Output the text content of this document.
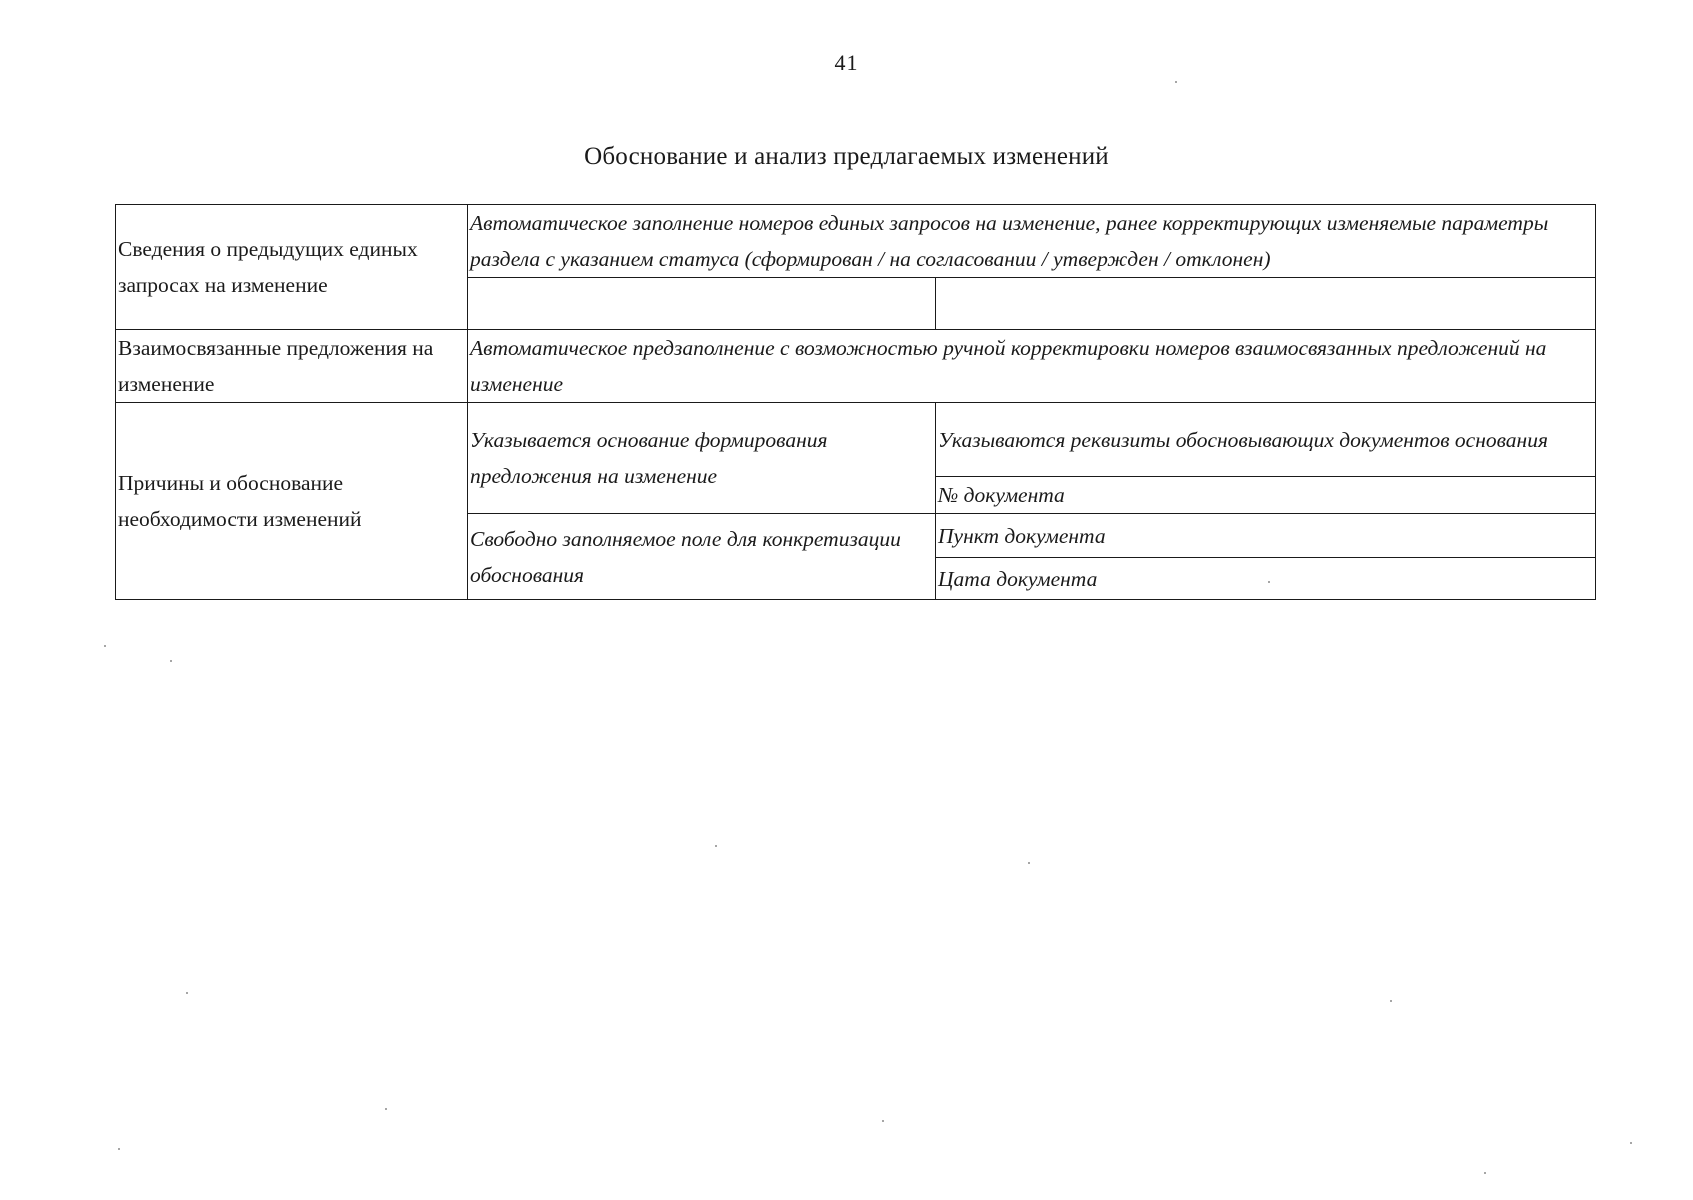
41
Обоснование и анализ предлагаемых изменений
Сведения о предыдущих единых запросах на изменение	Автоматическое заполнение номеров единых запросов на изменение, ранее корректирующих изменяемые параметры раздела с указанием статуса (сформирован / на согласовании / утвержден / отклонен)	

Взаимосвязанные предложения на изменение	Автоматическое предзаполнение с возможностью ручной корректировки номеров взаимосвязанных предложений на изменение	
Причины и обоснование необходимости изменений	Указывается основание формирования предложения на изменение	Указываются реквизиты обосновывающих документов основания
		№ документа
	Свободно заполняемое поле для конкретизации обоснования	Пункт документа
		Цата документа
